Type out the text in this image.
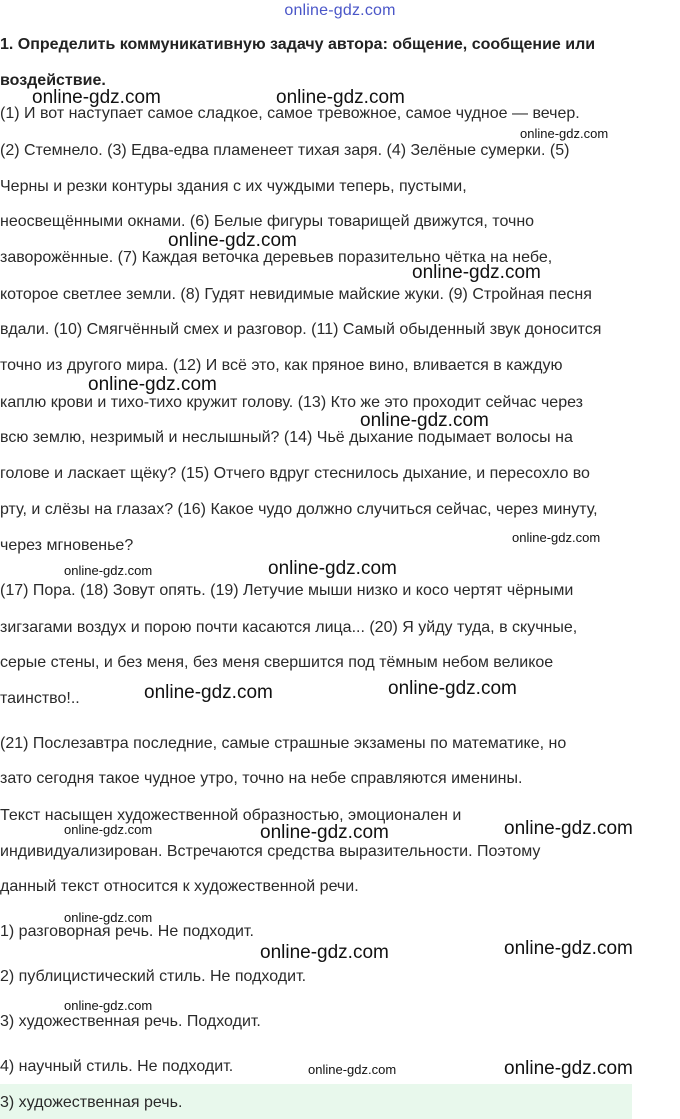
online-gdz.com

1. Определить коммуникативную задачу автора: общение, сообщение или воздействие.

(1) И вот наступает самое сладкое, самое тревожное, самое чудное — вечер.
(2) Стемнело. (3) Едва-едва пламенеет тихая заря. (4) Зелёные сумерки. (5)
Черны и резки контуры здания с их чуждыми теперь, пустыми,
неосвещёнными окнами. (6) Белые фигуры товарищей движутся, точно
заворожённые. (7) Каждая веточка деревьев поразительно чётка на небе,
которое светлее земли. (8) Гудят невидимые майские жуки. (9) Стройная песня
вдали. (10) Смягчённый смех и разговор. (11) Самый обыденный звук доносится
точно из другого мира. (12) И всё это, как пряное вино, вливается в каждую
каплю крови и тихо-тихо кружит голову. (13) Кто же это проходит сейчас через
всю землю, незримый и неслышный? (14) Чьё дыхание подымает волосы на
голове и ласкает щёку? (15) Отчего вдруг стеснилось дыхание, и пересохло во
рту, и слёзы на глазах? (16) Какое чудо должно случиться сейчас, через минуту,
через мгновенье?
(17) Пора. (18) Зовут опять. (19) Летучие мыши низко и косо чертят чёрными
зигзагами воздух и порою почти касаются лица... (20) Я уйду туда, в скучные,
серые стены, и без меня, без меня свершится под тёмным небом великое
таинство!..
(21) Послезавтра последние, самые страшные экзамены по математике, но
зато сегодня такое чудное утро, точно на небе справляются именины.
Текст насыщен художественной образностью, эмоционален и
индивидуализирован. Встречаются средства выразительности. Поэтому
данный текст относится к художественной речи.
1) разговорная речь. Не подходит.
2) публицистический стиль. Не подходит.
3) художественная речь. Подходит.
4) научный стиль. Не подходит.
3) художественная речь.
online-gdz.com	online-gdz.com
online-gdz.com
online-gdz.com
online-gdz.com
online-gdz.com
online-gdz.com
online-gdz.com
online-gdz.com	online-gdz.com
online-gdz.com	online-gdz.com
online-gdz.com	online-gdz.com	online-gdz.com
online-gdz.com
online-gdz.com	online-gdz.com
online-gdz.com
online-gdz.com	online-gdz.com
